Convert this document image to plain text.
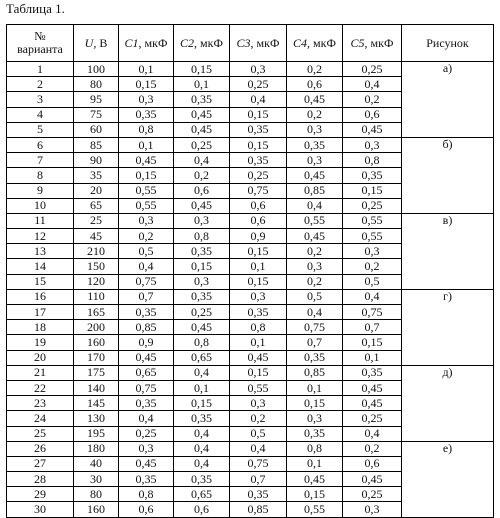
Таблица 1.
№
варианта	U, В	C1, мкФ	C2, мкФ	C3, мкФ	C4, мкФ	C5, мкФ	Рисунок
1	100	0,1	0,15	0,3	0,2	0,25	а)
2	80	0,15	0,1	0,25	0,6	0,4	
3	95	0,3	0,35	0,4	0,45	0,2	
4	75	0,35	0,45	0,15	0,2	0,6	
5	60	0,8	0,45	0,35	0,3	0,45	
6	85	0,1	0,25	0,15	0,35	0,3	б)
7	90	0,45	0,4	0,35	0,3	0,8	
8	35	0,15	0,2	0,25	0,45	0,35	
9	20	0,55	0,6	0,75	0,85	0,15	
10	65	0,55	0,45	0,6	0,4	0,25	
11	25	0,3	0,3	0,6	0,55	0,55	в)
12	45	0,2	0,8	0,9	0,45	0,55	
13	210	0,5	0,35	0,15	0,2	0,3	
14	150	0,4	0,15	0,1	0,3	0,2	
15	120	0,75	0,3	0,15	0,2	0,5	
16	110	0,7	0,35	0,3	0,5	0,4	г)
17	165	0,35	0,25	0,35	0,4	0,75	
18	200	0,85	0,45	0,8	0,75	0,7	
19	160	0,9	0,8	0,1	0,7	0,15	
20	170	0,45	0,65	0,45	0,35	0,1	
21	175	0,65	0,4	0,15	0,85	0,35	д)
22	140	0,75	0,1	0,55	0,1	0,45	
23	145	0,35	0,15	0,3	0,15	0,45	
24	130	0,4	0,35	0,2	0,3	0,25	
25	195	0,25	0,4	0,5	0,35	0,4	
26	180	0,3	0,4	0,4	0,8	0,2	е)
27	40	0,45	0,4	0,75	0,1	0,6	
28	30	0,35	0,35	0,7	0,45	0,45	
29	80	0,8	0,65	0,35	0,15	0,25	
30	160	0,6	0,6	0,85	0,55	0,3	
